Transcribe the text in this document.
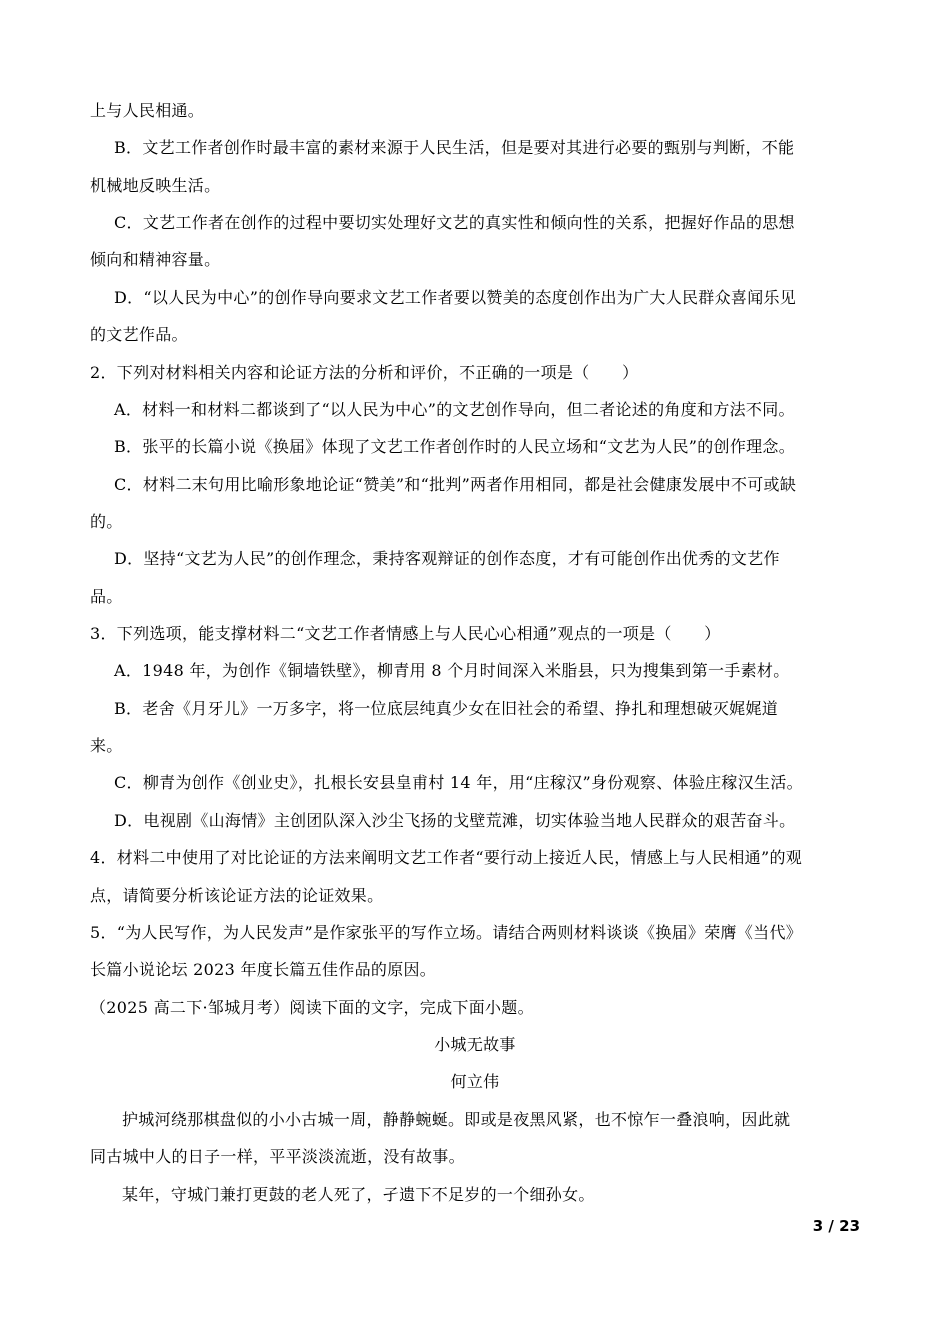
上与人民相通。
B．文艺工作者创作时最丰富的素材来源于人民生活，但是要对其进行必要的甄别与判断，不能
机械地反映生活。
C．文艺工作者在创作的过程中要切实处理好文艺的真实性和倾向性的关系，把握好作品的思想
倾向和精神容量。
D．“以人民为中心”的创作导向要求文艺工作者要以赞美的态度创作出为广大人民群众喜闻乐见
的文艺作品。
2．下列对材料相关内容和论证方法的分析和评价，不正确的一项是（　　）
A．材料一和材料二都谈到了“以人民为中心”的文艺创作导向，但二者论述的角度和方法不同。
B．张平的长篇小说《换届》体现了文艺工作者创作时的人民立场和“文艺为人民”的创作理念。
C．材料二末句用比喻形象地论证“赞美”和“批判”两者作用相同，都是社会健康发展中不可或缺
的。
D．坚持“文艺为人民”的创作理念，秉持客观辩证的创作态度，才有可能创作出优秀的文艺作
品。
3．下列选项，能支撑材料二“文艺工作者情感上与人民心心相通”观点的一项是（　　）
A．1948 年，为创作《铜墙铁壁》，柳青用 8 个月时间深入米脂县，只为搜集到第一手素材。
B．老舍《月牙儿》一万多字，将一位底层纯真少女在旧社会的希望、挣扎和理想破灭娓娓道
来。
C．柳青为创作《创业史》，扎根长安县皇甫村 14 年，用“庄稼汉”身份观察、体验庄稼汉生活。
D．电视剧《山海情》主创团队深入沙尘飞扬的戈壁荒滩，切实体验当地人民群众的艰苦奋斗。
4．材料二中使用了对比论证的方法来阐明文艺工作者“要行动上接近人民，情感上与人民相通”的观
点，请简要分析该论证方法的论证效果。
5．“为人民写作，为人民发声”是作家张平的写作立场。请结合两则材料谈谈《换届》荣膺《当代》
长篇小说论坛 2023 年度长篇五佳作品的原因。
（2025 高二下·邹城月考）阅读下面的文字，完成下面小题。
小城无故事
何立伟
护城河绕那棋盘似的小小古城一周，静静蜿蜒。即或是夜黑风紧，也不惊乍一叠浪响，因此就
同古城中人的日子一样，平平淡淡流逝，没有故事。
某年，守城门兼打更鼓的老人死了，孑遗下不足岁的一个细孙女。
3 / 23
